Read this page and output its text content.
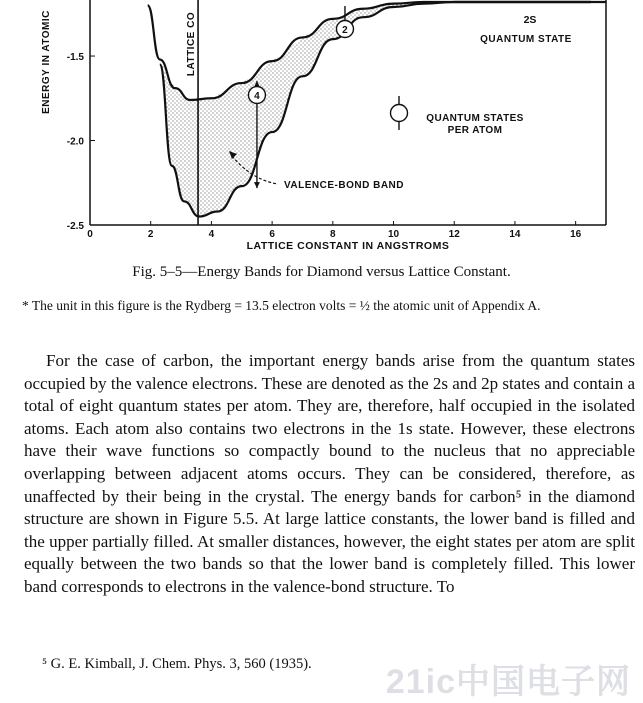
0	2	4	6	8	10	12	14	16
-1.5
-2.0
-2.5
LATTICE CONSTANT IN ANGSTROMS
ENERGY IN ATOMIC	LATTICE CO	2S
QUANTUM STATE
4
2
QUANTUM STATES
PER ATOM
VALENCE-BOND BAND
Fig. 5–5—Energy Bands for Diamond versus Lattice Constant.
* The unit in this figure is the Rydberg = 13.5 electron volts = ½ the atomic unit of Appendix A.

For the case of carbon, the important energy bands arise from the quantum states occupied by the valence electrons. These are denoted as the 2s and 2p states and contain a total of eight quantum states per atom. They are, therefore, half occupied in the isolated atoms. Each atom also contains two electrons in the 1s state. However, these electrons have their wave functions so compactly bound to the nucleus that no appreciable overlapping between adjacent atoms occurs. They can be considered, therefore, as unaffected by their being in the crystal. The energy bands for carbon⁵ in the diamond structure are shown in Figure 5.5. At large lattice constants, the lower band is filled and the upper partially filled. At smaller distances, however, the eight states per atom are split equally between the two bands so that the lower band is completely filled. This lower band corresponds to electrons in the valence-bond structure. To

⁵ G. E. Kimball, J. Chem. Phys. 3, 560 (1935).	21ic中国电子网
